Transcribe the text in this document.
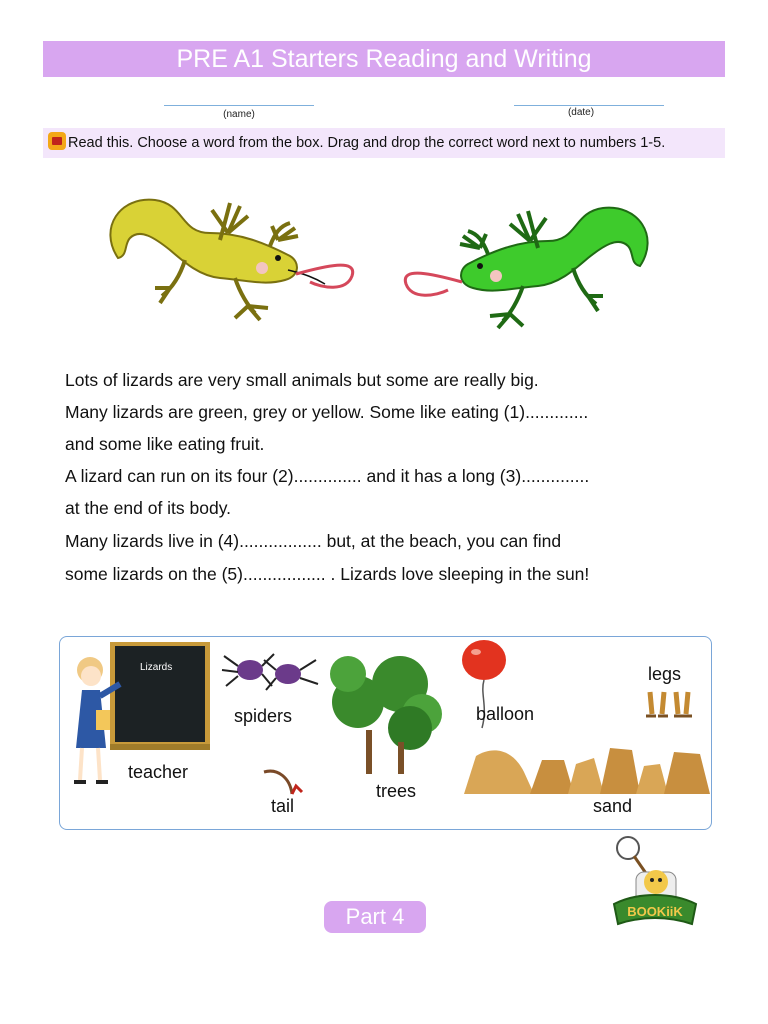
PRE A1 Starters Reading and Writing
(name)	(date)
Read this. Choose a word from the box. Drag and drop the correct word next to numbers 1-5.
Lots of lizards are very small animals but some are really big.
Many lizards are green, grey or yellow. Some like eating (1).............
and some like eating fruit.
A lizard can run on its four (2).............. and it has a long (3)..............
at the end of its body.
Many lizards live in (4)................. but, at the beach, you can find
some lizards on the (5)................. . Lizards love sleeping in the sun!
Lizards
spiders
trees
balloon
legs
sand
tail
teacher
Part 4	BOOKiiK
